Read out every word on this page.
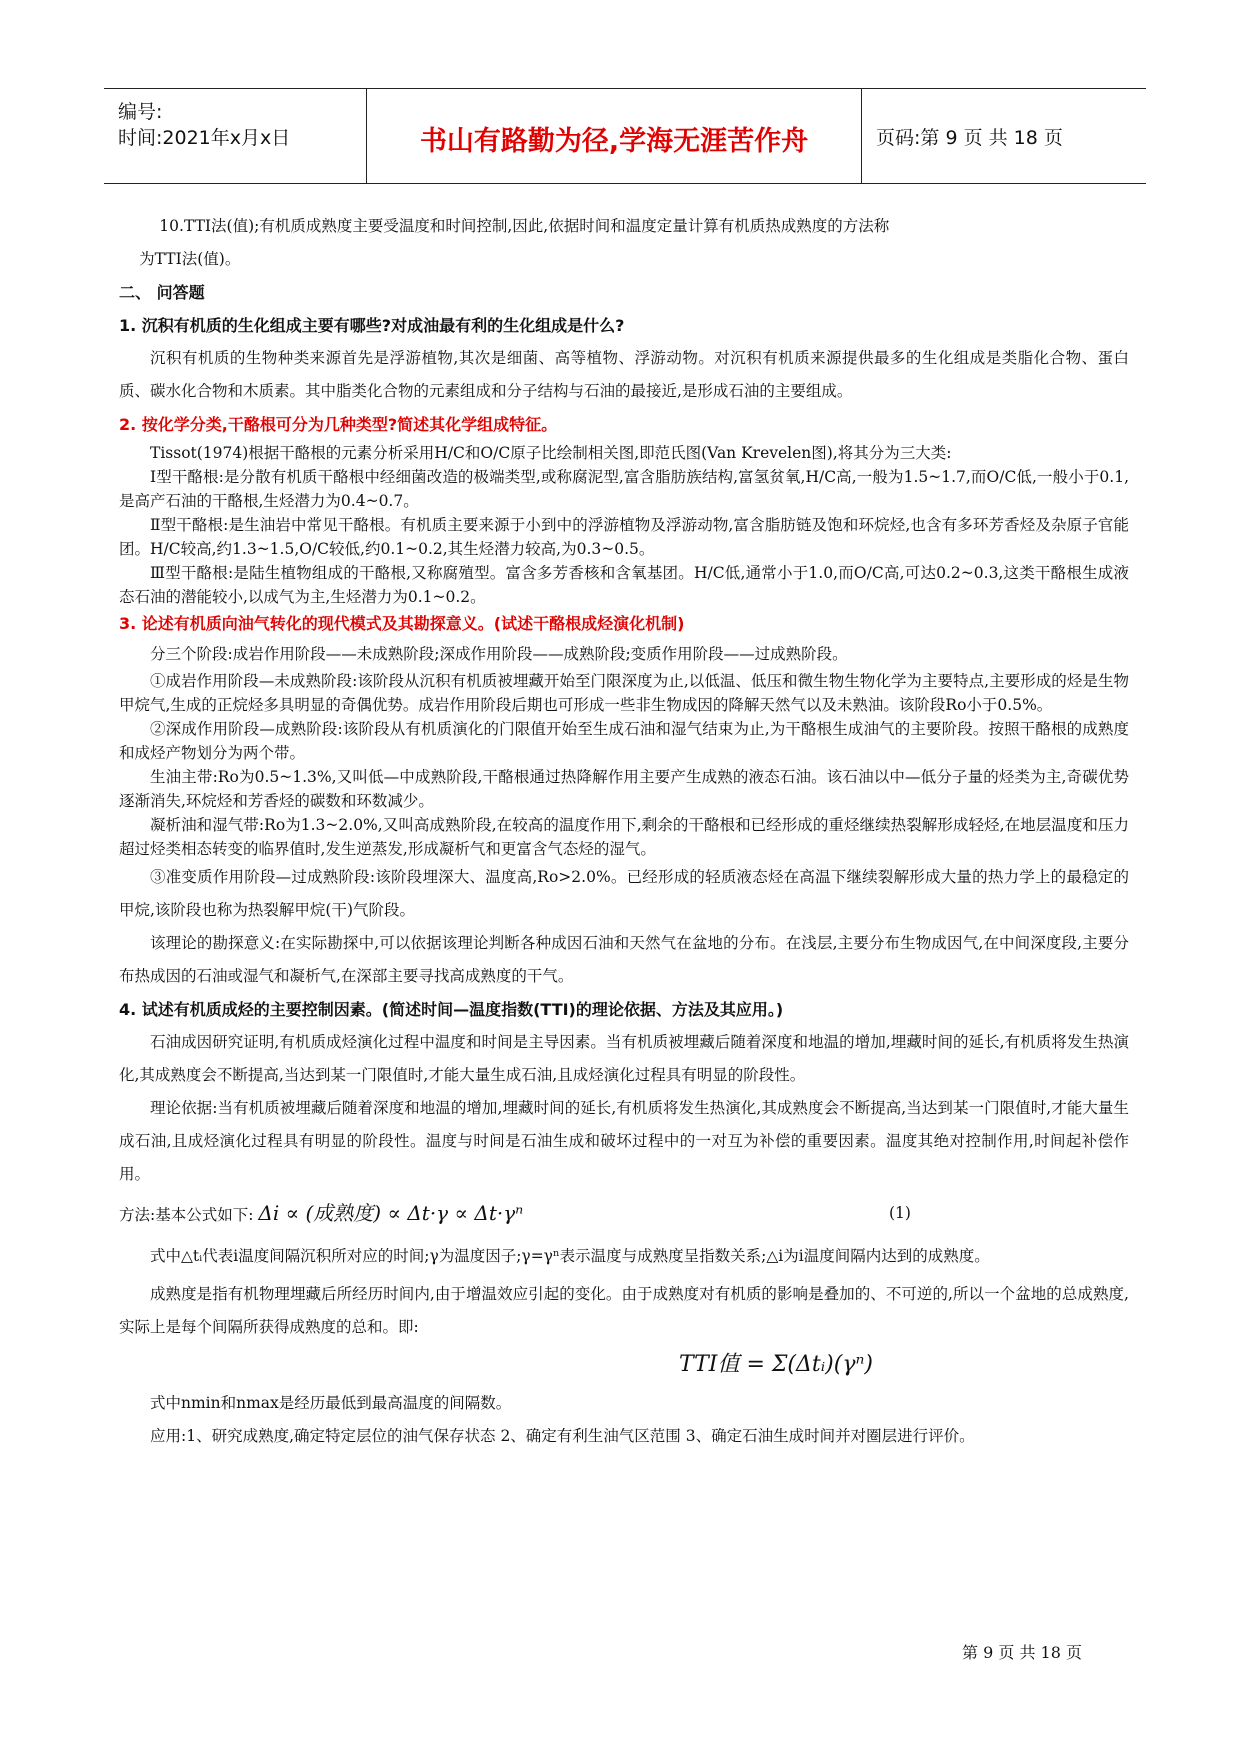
编号:
时间:2021年x月x日	书山有路勤为径,学海无涯苦作舟	页码:第 9 页 共 18 页

10.TTI法(值);有机质成熟度主要受温度和时间控制,因此,依据时间和温度定量计算有机质热成熟度的方法称

为TTI法(值)。

二、 问答题

1. 沉积有机质的生化组成主要有哪些?对成油最有利的生化组成是什么?

沉积有机质的生物种类来源首先是浮游植物,其次是细菌、高等植物、浮游动物。对沉积有机质来源提供最多的生化组成是类脂化合物、蛋白质、碳水化合物和木质素。其中脂类化合物的元素组成和分子结构与石油的最接近,是形成石油的主要组成。

2. 按化学分类,干酪根可分为几种类型?简述其化学组成特征。

Tissot(1974)根据干酪根的元素分析采用H/C和O/C原子比绘制相关图,即范氏图(Van Krevelen图),将其分为三大类:

Ⅰ型干酪根:是分散有机质干酪根中经细菌改造的极端类型,或称腐泥型,富含脂肪族结构,富氢贫氧,H/C高,一般为1.5~1.7,而O/C低,一般小于0.1,是高产石油的干酪根,生烃潜力为0.4~0.7。

Ⅱ型干酪根:是生油岩中常见干酪根。有机质主要来源于小到中的浮游植物及浮游动物,富含脂肪链及饱和环烷烃,也含有多环芳香烃及杂原子官能团。H/C较高,约1.3~1.5,O/C较低,约0.1~0.2,其生烃潜力较高,为0.3~0.5。

Ⅲ型干酪根:是陆生植物组成的干酪根,又称腐殖型。富含多芳香核和含氧基团。H/C低,通常小于1.0,而O/C高,可达0.2~0.3,这类干酪根生成液态石油的潜能较小,以成气为主,生烃潜力为0.1~0.2。

3. 论述有机质向油气转化的现代模式及其勘探意义。(试述干酪根成烃演化机制)

分三个阶段:成岩作用阶段——未成熟阶段;深成作用阶段——成熟阶段;变质作用阶段——过成熟阶段。

①成岩作用阶段—未成熟阶段:该阶段从沉积有机质被埋藏开始至门限深度为止,以低温、低压和微生物生物化学为主要特点,主要形成的烃是生物甲烷气,生成的正烷烃多具明显的奇偶优势。成岩作用阶段后期也可形成一些非生物成因的降解天然气以及未熟油。该阶段Ro小于0.5%。

②深成作用阶段—成熟阶段:该阶段从有机质演化的门限值开始至生成石油和湿气结束为止,为干酪根生成油气的主要阶段。按照干酪根的成熟度和成烃产物划分为两个带。

生油主带:Ro为0.5~1.3%,又叫低—中成熟阶段,干酪根通过热降解作用主要产生成熟的液态石油。该石油以中—低分子量的烃类为主,奇碳优势逐渐消失,环烷烃和芳香烃的碳数和环数减少。

凝析油和湿气带:Ro为1.3~2.0%,又叫高成熟阶段,在较高的温度作用下,剩余的干酪根和已经形成的重烃继续热裂解形成轻烃,在地层温度和压力超过烃类相态转变的临界值时,发生逆蒸发,形成凝析气和更富含气态烃的湿气。

③准变质作用阶段—过成熟阶段:该阶段埋深大、温度高,Ro>2.0%。已经形成的轻质液态烃在高温下继续裂解形成大量的热力学上的最稳定的甲烷,该阶段也称为热裂解甲烷(干)气阶段。

该理论的勘探意义:在实际勘探中,可以依据该理论判断各种成因石油和天然气在盆地的分布。在浅层,主要分布生物成因气,在中间深度段,主要分布热成因的石油或湿气和凝析气,在深部主要寻找高成熟度的干气。

4. 试述有机质成烃的主要控制因素。(简述时间—温度指数(TTI)的理论依据、方法及其应用。)

石油成因研究证明,有机质成烃演化过程中温度和时间是主导因素。当有机质被埋藏后随着深度和地温的增加,埋藏时间的延长,有机质将发生热演化,其成熟度会不断提高,当达到某一门限值时,才能大量生成石油,且成烃演化过程具有明显的阶段性。

理论依据:当有机质被埋藏后随着深度和地温的增加,埋藏时间的延长,有机质将发生热演化,其成熟度会不断提高,当达到某一门限值时,才能大量生成石油,且成烃演化过程具有明显的阶段性。温度与时间是石油生成和破坏过程中的一对互为补偿的重要因素。温度其绝对控制作用,时间起补偿作用。

方法:基本公式如下: Δi ∝ (成熟度) ∝ Δt·γ ∝ Δt·γⁿ	(1)

式中△tᵢ代表i温度间隔沉积所对应的时间;γ为温度因子;γ=γⁿ表示温度与成熟度呈指数关系;△i为i温度间隔内达到的成熟度。

成熟度是指有机物理埋藏后所经历时间内,由于增温效应引起的变化。由于成熟度对有机质的影响是叠加的、不可逆的,所以一个盆地的总成熟度,实际上是每个间隔所获得成熟度的总和。即:

TTI值 = Σ(Δtᵢ)(γⁿ)

式中nmin和nmax是经历最低到最高温度的间隔数。

应用:1、研究成熟度,确定特定层位的油气保存状态 2、确定有利生油气区范围 3、确定石油生成时间并对圈层进行评价。

第 9 页 共 18 页
